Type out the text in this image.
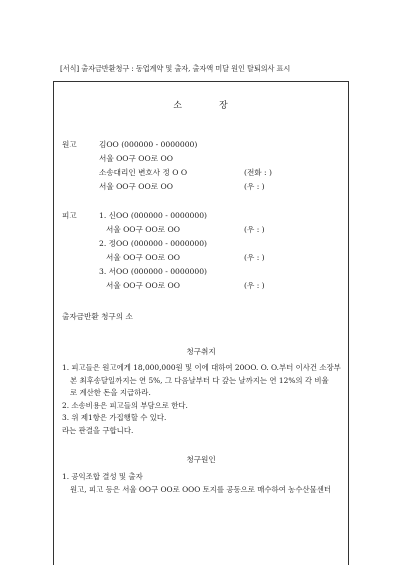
[서식] 출자금반환청구 : 동업계약 및 출자, 출자액 미달 원인 탈퇴의사 표시
소	장
원고	김OO (000000 - 0000000)
서울 OO구 OO로 OO
소송대리인 변호사 정 O O	(전화 : )
서울 OO구 OO로 OO	(우 : )
피고	1. 신OO (000000 - 0000000)
서울 OO구 OO로 OO	(우 : )
2. 정OO (000000 - 0000000)
서울 OO구 OO로 OO	(우 : )
3. 서OO (000000 - 0000000)
서울 OO구 OO로 OO	(우 : )
출자금반환 청구의 소
청구취지
1. 피고들은 원고에게 18,000,000원 및 이에 대하여 20OO. O. O.부터 이사건 소장부
본 최후송달일까지는 연 5%, 그 다음날부터 다 갚는 날까지는 연 12%의 각 비율
로 계산한 돈을 지급하라.
2. 소송비용은 피고들의 부담으로 한다.
3. 위 제1항은 가집행할 수 있다.
라는 판결을 구합니다.
청구원인
1. 공익조합 결성 및 출자
원고, 피고 등은 서울 OO구 OO로 OOO 토지를 공동으로 매수하여 농수산물센터
